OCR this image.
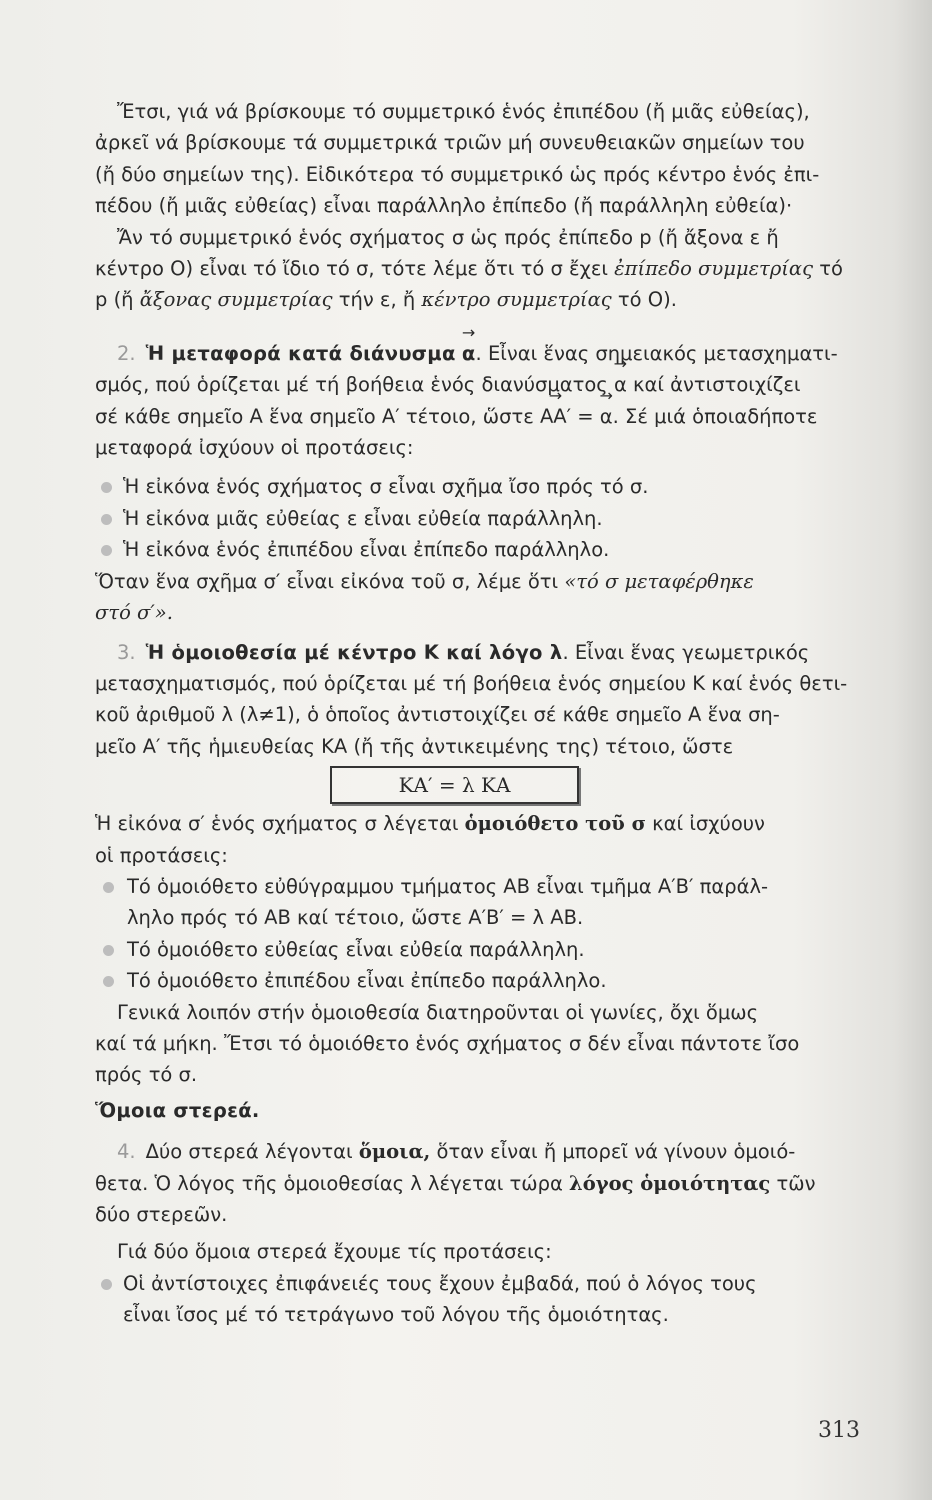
Ἔτσι, γιά νά βρίσκουμε τό συμμετρικό ἑνός ἐπιπέδου (ἤ μιᾶς εὐθείας),
ἀρκεῖ νά βρίσκουμε τά συμμετρικά τριῶν μή συνευθειακῶν σημείων του
(ἤ δύο σημείων της). Εἰδικότερα τό συμμετρικό ὡς πρός κέντρο ἑνός ἐπι-
πέδου (ἤ μιᾶς εὐθείας) εἶναι παράλληλο ἐπίπεδο (ἤ παράλληλη εὐθεία)·
Ἄν τό συμμετρικό ἑνός σχήματος σ ὡς πρός ἐπίπεδο p (ἤ ἄξονα ε ἤ
κέντρο Ο) εἶναι τό ἴδιο τό σ, τότε λέμε ὅτι τό σ ἔχει ἐπίπεδο συμμετρίας τό
p (ἤ ἄξονας συμμετρίας τήν ε, ἤ κέντρο συμμετρίας τό Ο).

2. Ἡ μεταφορά κατά διάνυσμα → α. Εἶναι ἕνας σημειακός μετασχηματι-
σμός, πού ὁρίζεται μέ τή βοήθεια ἑνός διανύσματος → α καί ἀντιστοιχίζει
σέ κάθε σημεῖο Α ἕνα σημεῖο Α′ τέτοιο, ὥστε → ΑΑ′ = → α. Σέ μιά ὁποιαδήποτε
μεταφορά ἰσχύουν οἱ προτάσεις:

Ἡ εἰκόνα ἑνός σχήματος σ εἶναι σχῆμα ἴσο πρός τό σ.

Ἡ εἰκόνα μιᾶς εὐθείας ε εἶναι εὐθεία παράλληλη.

Ἡ εἰκόνα ἑνός ἐπιπέδου εἶναι ἐπίπεδο παράλληλο.

Ὅταν ἕνα σχῆμα σ′ εἶναι εἰκόνα τοῦ σ, λέμε ὅτι «τό σ μεταφέρθηκε
στό σ′».

3. Ἡ ὁμοιοθεσία μέ κέντρο Κ καί λόγο λ. Εἶναι ἕνας γεωμετρικός
μετασχηματισμός, πού ὁρίζεται μέ τή βοήθεια ἑνός σημείου Κ καί ἑνός θετι-
κοῦ ἀριθμοῦ λ (λ≠1), ὁ ὁποῖος ἀντιστοιχίζει σέ κάθε σημεῖο Α ἕνα ση-
μεῖο Α′ τῆς ἡμιευθείας ΚΑ (ἤ τῆς ἀντικειμένης της) τέτοιο, ὥστε

ΚΑ′ = λ ΚΑ

Ἡ εἰκόνα σ′ ἑνός σχήματος σ λέγεται ὁμοιόθετο τοῦ σ καί ἰσχύουν
οἱ προτάσεις:

Τό ὁμοιόθετο εὐθύγραμμου τμήματος ΑΒ εἶναι τμῆμα Α′Β′ παράλ-
ληλο πρός τό ΑΒ καί τέτοιο, ὥστε Α′Β′ = λ ΑΒ.

Τό ὁμοιόθετο εὐθείας εἶναι εὐθεία παράλληλη.

Τό ὁμοιόθετο ἐπιπέδου εἶναι ἐπίπεδο παράλληλο.

Γενικά λοιπόν στήν ὁμοιοθεσία διατηροῦνται οἱ γωνίες, ὄχι ὅμως
καί τά μήκη. Ἔτσι τό ὁμοιόθετο ἑνός σχήματος σ δέν εἶναι πάντοτε ἴσο
πρός τό σ.

Ὅμοια στερεά.

4. Δύο στερεά λέγονται ὅμοια, ὅταν εἶναι ἤ μπορεῖ νά γίνουν ὁμοιό-
θετα. Ὁ λόγος τῆς ὁμοιοθεσίας λ λέγεται τώρα λόγος ὁμοιότητας τῶν
δύο στερεῶν.

Γιά δύο ὅμοια στερεά ἔχουμε τίς προτάσεις:

Οἱ ἀντίστοιχες ἐπιφάνειές τους ἔχουν ἐμβαδά, πού ὁ λόγος τους
εἶναι ἴσος μέ τό τετράγωνο τοῦ λόγου τῆς ὁμοιότητας.

313
